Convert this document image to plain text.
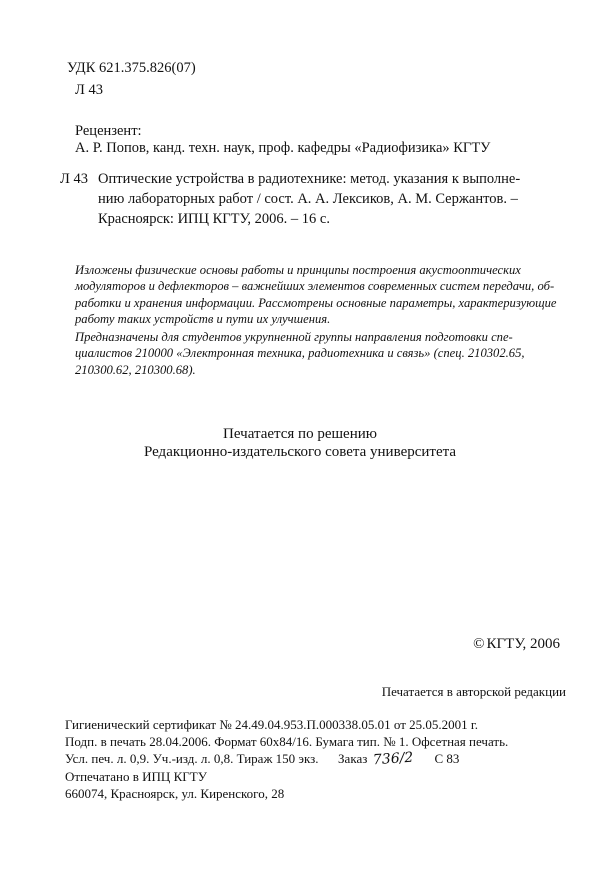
УДК 621.375.826(07)
Л 43
Рецензент:
А. Р. Попов, канд. техн. наук, проф. кафедры «Радиофизика» КГТУ
Л 43 Оптические устройства в радиотехнике: метод. указания к выполне-
нию лабораторных работ / сост. А. А. Лексиков, А. М. Сержантов. –
Красноярск: ИПЦ КГТУ, 2006. – 16 с.
Изложены физические основы работы и принципы построения акустооптических
модуляторов и дефлекторов – важнейших элементов современных систем передачи, об-
работки и хранения информации. Рассмотрены основные параметры, характеризующие
работу таких устройств и пути их улучшения.
Предназначены для студентов укрупненной группы направления подготовки спе-
циалистов 210000 «Электронная техника, радиотехника и связь» (спец. 210302.65,
210300.62, 210300.68).
Печатается по решению
Редакционно-издательского совета университета
© КГТУ, 2006
Печатается в авторской редакции
Гигиенический сертификат № 24.49.04.953.П.000338.05.01 от 25.05.2001 г.
Подп. в печать 28.04.2006. Формат 60x84/16. Бумага тип. № 1. Офсетная печать.
Усл. печ. л. 0,9. Уч.-изд. л. 0,8. Тираж 150 экз. Заказ 736/2 С 83
Отпечатано в ИПЦ КГТУ
660074, Красноярск, ул. Киренского, 28
